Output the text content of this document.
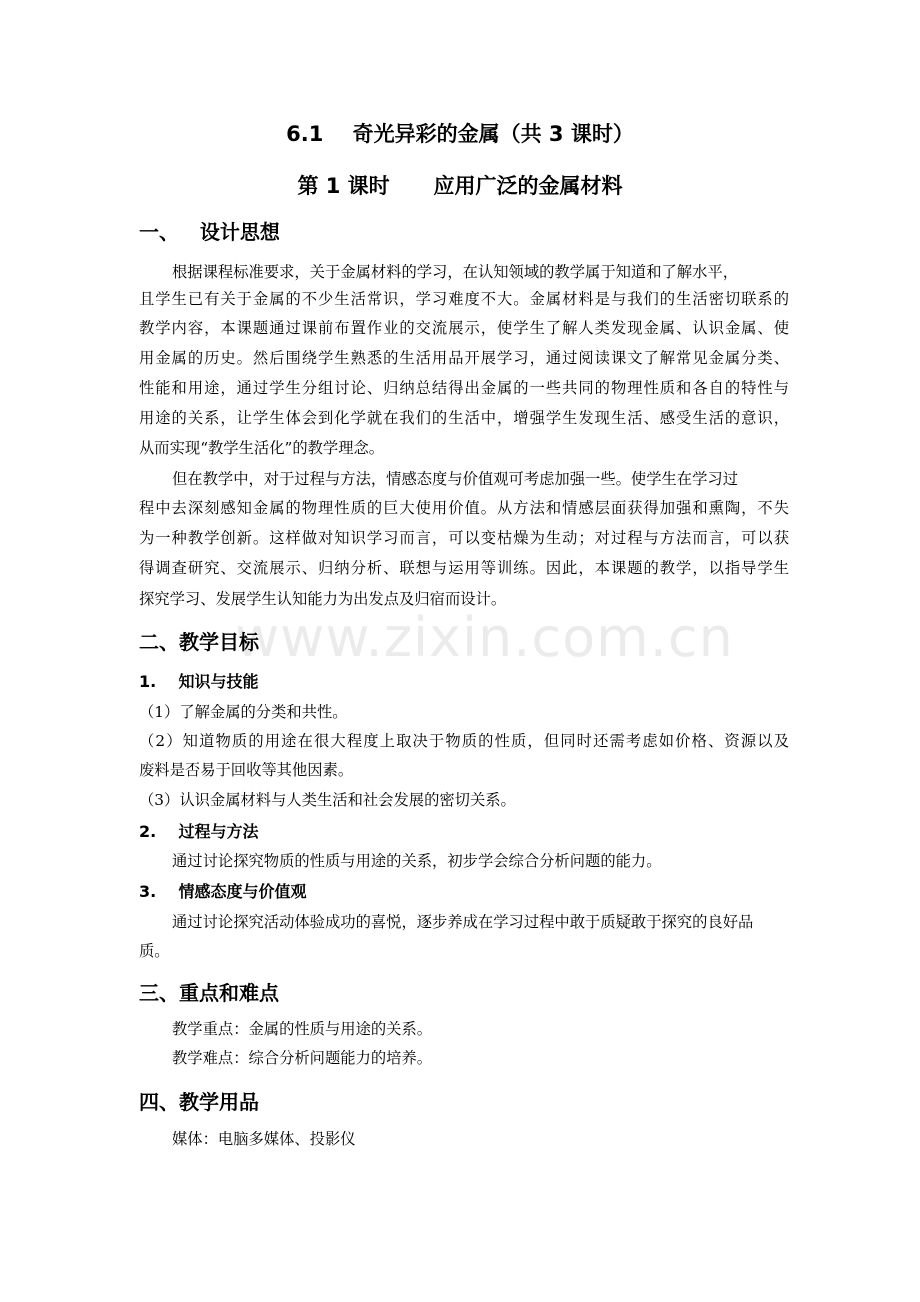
6.1    奇光异彩的金属（共 3 课时）
第 1 课时      应用广泛的金属材料
一、   设计思想
根据课程标准要求，关于金属材料的学习，在认知领域的教学属于知道和了解水平，
且学生已有关于金属的不少生活常识，学习难度不大。金属材料是与我们的生活密切联系的
教学内容，本课题通过课前布置作业的交流展示，使学生了解人类发现金属、认识金属、使
用金属的历史。然后围绕学生熟悉的生活用品开展学习，通过阅读课文了解常见金属分类、
性能和用途，通过学生分组讨论、归纳总结得出金属的一些共同的物理性质和各自的特性与
用途的关系，让学生体会到化学就在我们的生活中，增强学生发现生活、感受生活的意识，
从而实现“教学生活化”的教学理念。
但在教学中，对于过程与方法，情感态度与价值观可考虑加强一些。使学生在学习过
程中去深刻感知金属的物理性质的巨大使用价值。从方法和情感层面获得加强和熏陶，不失
为一种教学创新。这样做对知识学习而言，可以变枯燥为生动；对过程与方法而言，可以获
得调查研究、交流展示、归纳分析、联想与运用等训练。因此，本课题的教学，以指导学生
探究学习、发展学生认知能力为出发点及归宿而设计。
二、教学目标
1.    知识与技能
（1）了解金属的分类和共性。
（2）知道物质的用途在很大程度上取决于物质的性质，但同时还需考虑如价格、资源以及
废料是否易于回收等其他因素。
（3）认识金属材料与人类生活和社会发展的密切关系。
2.    过程与方法
通过讨论探究物质的性质与用途的关系，初步学会综合分析问题的能力。
3.    情感态度与价值观
通过讨论探究活动体验成功的喜悦，逐步养成在学习过程中敢于质疑敢于探究的良好品
质。
三、重点和难点
教学重点：金属的性质与用途的关系。
教学难点：综合分析问题能力的培养。
四、教学用品
媒体：电脑多媒体、投影仪
www.zixin.com.cn
